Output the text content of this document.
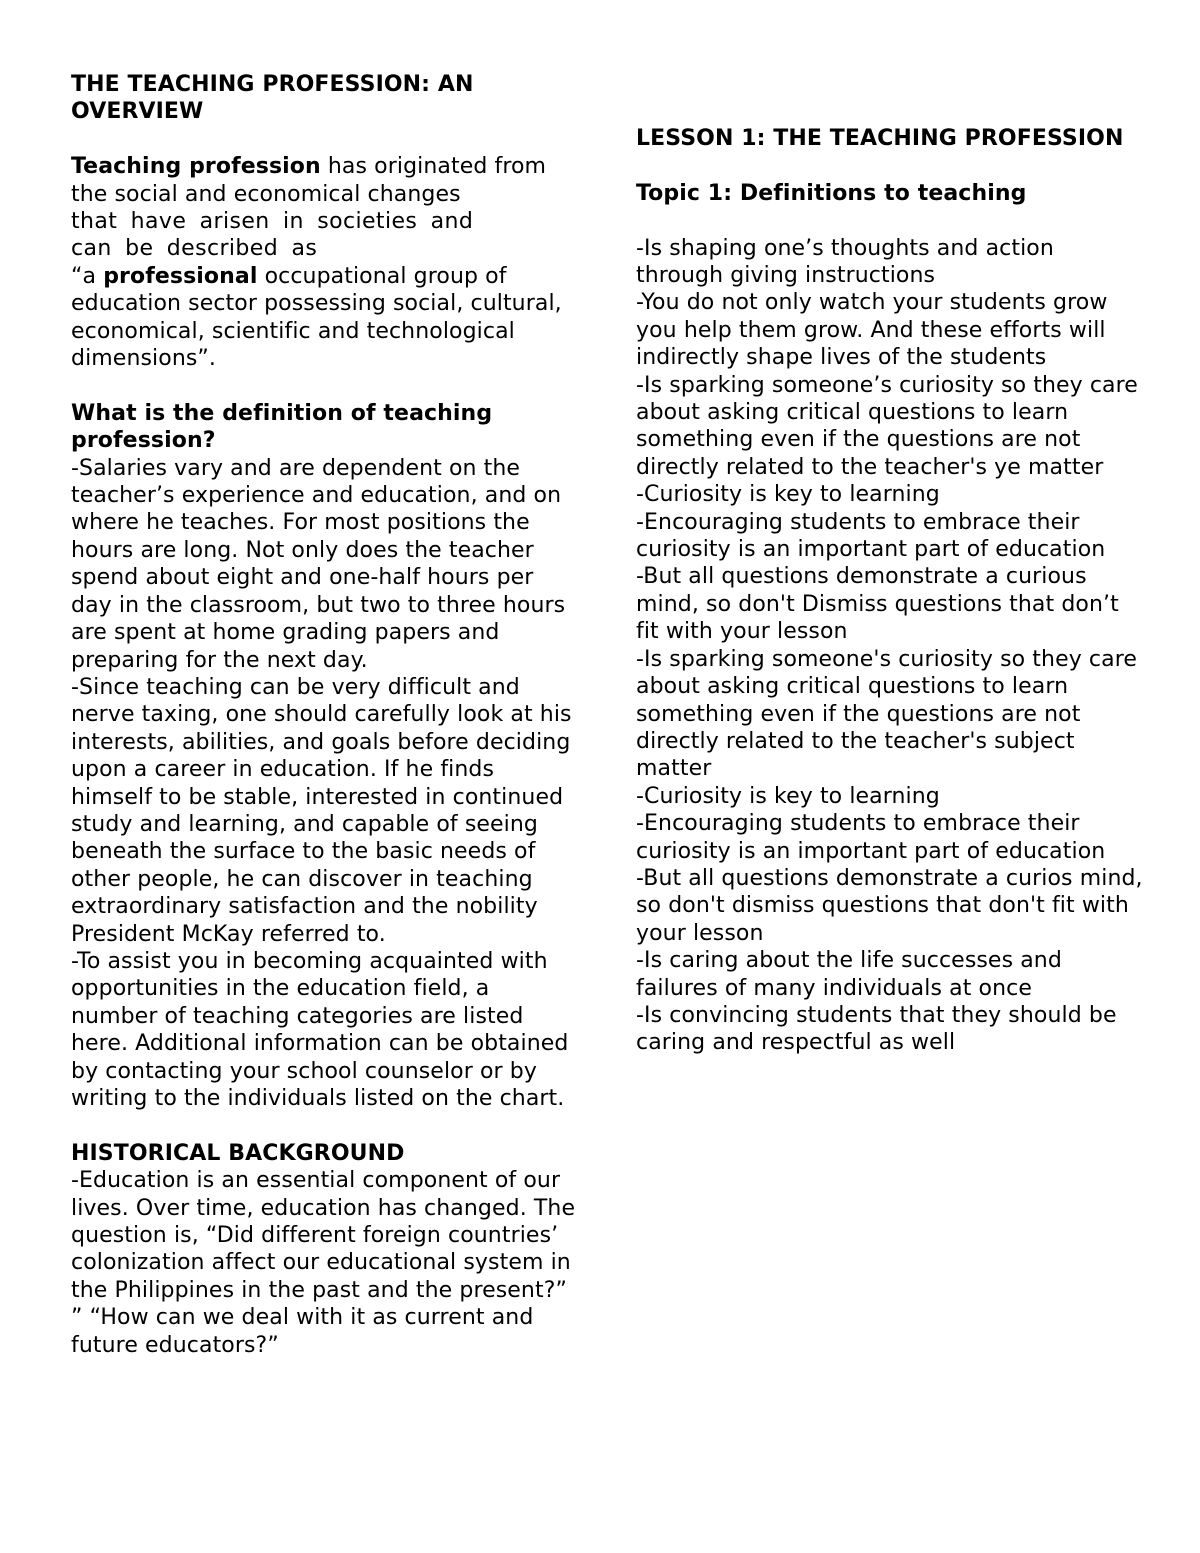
THE TEACHING PROFESSION: AN OVERVIEW

Teaching profession has originated from the social and economical changes

that have arisen in societies and

can be described as

“a professional occupational group of education sector possessing social, cultural, economical, scientific and technological dimensions”.

What is the definition of teaching profession?

-Salaries vary and are dependent on the teacher’s experience and education, and on where he teaches. For most positions the hours are long. Not only does the teacher spend about eight and one-half hours per day in the classroom, but two to three hours are spent at home grading papers and preparing for the next day.

-Since teaching can be very difficult and nerve taxing, one should carefully look at his interests, abilities, and goals before deciding upon a career in education. If he finds himself to be stable, interested in continued study and learning, and capable of seeing beneath the surface to the basic needs of other people, he can discover in teaching extraordinary satisfaction and the nobility President McKay referred to.

-To assist you in becoming acquainted with opportunities in the education field, a number of teaching categories are listed here. Additional information can be obtained by contacting your school counselor or by writing to the individuals listed on the chart.

HISTORICAL BACKGROUND

-Education is an essential component of our lives. Over time, education has changed. The question is, “Did different foreign countries’ colonization affect our educational system in the Philippines in the past and the present?” ” “How can we deal with it as current and future educators?”

LESSON 1: THE TEACHING PROFESSION

Topic 1: Definitions to teaching

-Is shaping one’s thoughts and action through giving instructions

-You do not only watch your students grow you help them grow. And these efforts will indirectly shape lives of the students

-Is sparking someone’s curiosity so they care about asking critical questions to learn something even if the questions are not directly related to the teacher's ye matter

-Curiosity is key to learning

-Encouraging students to embrace their curiosity is an important part of education

-But all questions demonstrate a curious mind, so don't Dismiss questions that don’t fit with your lesson

-Is sparking someone's curiosity so they care about asking critical questions to learn something even if the questions are not directly related to the teacher's subject matter

-Curiosity is key to learning

-Encouraging students to embrace their curiosity is an important part of education

-But all questions demonstrate a curios mind, so don't dismiss questions that don't fit with your lesson

-Is caring about the life successes and failures of many individuals at once

-Is convincing students that they should be caring and respectful as well
